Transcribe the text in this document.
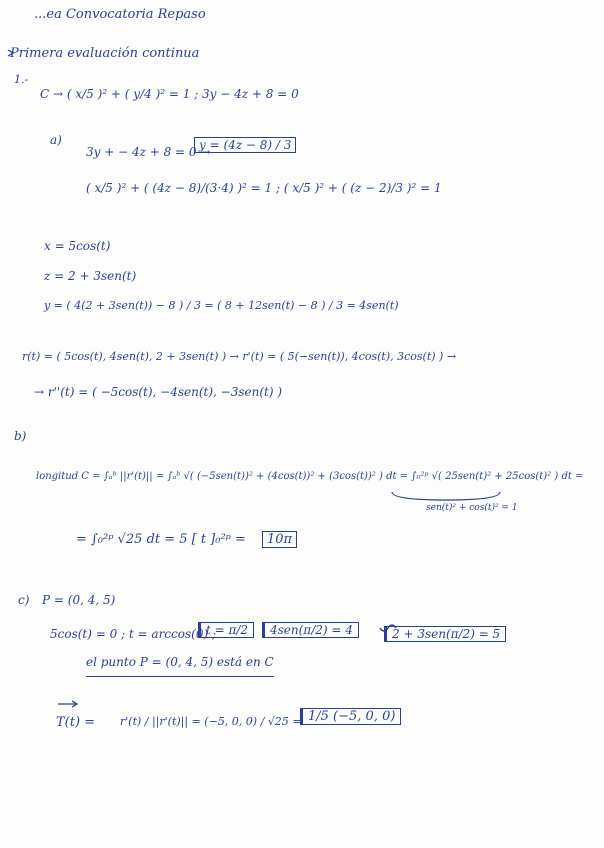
...ea Convocatoria Repaso
Primera evaluación continua
1.-
C → ( x/5 )² + ( y/4 )² = 1 ; 3y − 4z + 8 = 0
a)
3y + − 4z + 8 = 0 →
y = (4z − 8) / 3
( x/5 )² + ( (4z − 8)/(3·4) )² = 1 ; ( x/5 )² + ( (z − 2)/3 )² = 1
x = 5cos(t)
z = 2 + 3sen(t)
y = ( 4(2 + 3sen(t)) − 8 ) / 3 = ( 8 + 12sen(t) − 8 ) / 3 = 4sen(t)
r(t) = ( 5cos(t), 4sen(t), 2 + 3sen(t) ) → r'(t) = ( 5(−sen(t)), 4cos(t), 3cos(t) ) →
→ r''(t) = ( −5cos(t), −4sen(t), −3sen(t) )
b)
longitud C = ∫ₐᵇ ||r'(t)|| = ∫ₐᵇ √( (−5sen(t))² + (4cos(t))² + (3cos(t))² ) dt = ∫₀²ᵖ √( 25sen(t)² + 25cos(t)² ) dt =
sen(t)² + cos(t)² = 1
= ∫₀²ᵖ √25 dt = 5 [ t ]₀²ᵖ =	10π
c) P = (0, 4, 5)
5cos(t) = 0 ; t = arccos(0) ;
t = π/2	4sen(π/2) = 4	2 + 3sen(π/2) = 5
el punto P = (0, 4, 5) está en C
T(t) = r'(t) / ||r'(t)|| = (−5, 0, 0) / √25 = 1/5 (−5, 0, 0)
